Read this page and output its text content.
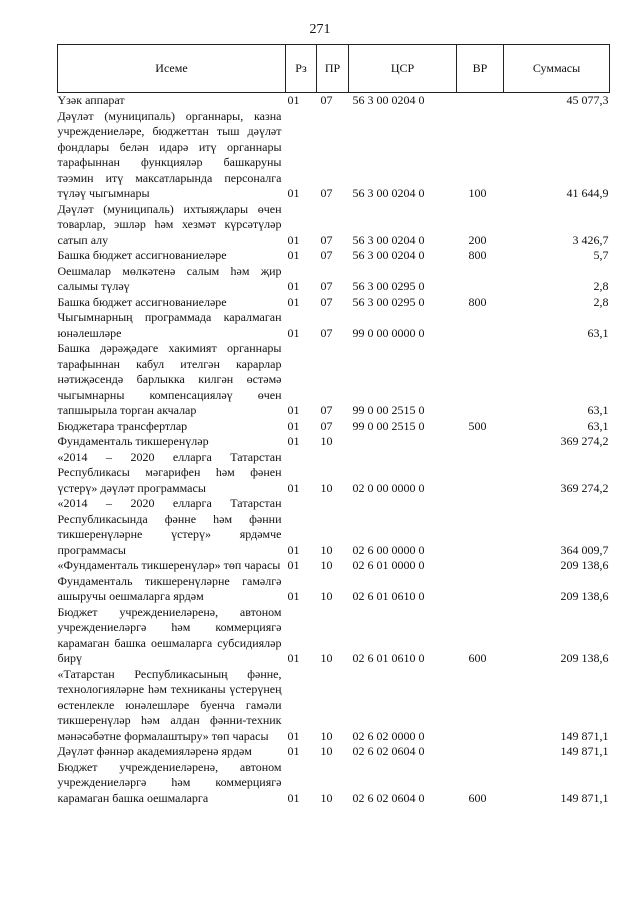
271
Исеме	Рз	ПР	ЦСР	ВР	Суммасы
Үзәк аппарат	01	07	56 3 00 0204 0		45 077,3
Дәүләт (муниципаль) органнары, казна учреждениеләре, бюджеттан тыш дәүләт фондлары белән идарә итү органнары тарафыннан функцияләр башкаруны тәэмин итү максатларында персоналга түләү чыгымнары	01	07	56 3 00 0204 0	100	41 644,9
Дәүләт (муниципаль) ихтыяҗлары өчен товарлар, эшләр һәм хезмәт күрсәтүләр сатып алу	01	07	56 3 00 0204 0	200	3 426,7
Башка бюджет ассигнованиеләре	01	07	56 3 00 0204 0	800	5,7
Оешмалар мөлкәтенә салым һәм җир салымы түләү	01	07	56 3 00 0295 0		2,8
Башка бюджет ассигнованиеләре	01	07	56 3 00 0295 0	800	2,8
Чыгымнарның программада каралмаган юнәлешләре	01	07	99 0 00 0000 0		63,1
Башка дәрәҗәдәге хакимият органнары тарафыннан кабул ителгән карарлар нәтиҗәсендә барлыкка килгән өстәмә чыгымнарны компенсацияләү өчен тапшырыла торган акчалар	01	07	99 0 00 2515 0		63,1
Бюджетара трансфертлар	01	07	99 0 00 2515 0	500	63,1
Фундаменталь тикшеренүләр	01	10			369 274,2
«2014 – 2020 елларга Татарстан Республикасы мәгарифен һәм фәнен үстерү» дәүләт программасы	01	10	02 0 00 0000 0		369 274,2
«2014 – 2020 елларга Татарстан Республикасында фәнне һәм фәнни тикшеренүләрне үстерү» ярдәмче программасы	01	10	02 6 00 0000 0		364 009,7
«Фундаменталь тикшеренүләр» төп чарасы	01	10	02 6 01 0000 0		209 138,6
Фундаменталь тикшеренүләрне гамәлгә ашыручы оешмаларга ярдәм	01	10	02 6 01 0610 0		209 138,6
Бюджет учреждениеләренә, автоном учреждениеләргә һәм коммерциягә карамаган башка оешмаларга субсидияләр бирү	01	10	02 6 01 0610 0	600	209 138,6
«Татарстан Республикасының фәнне, технологияләрне һәм техниканы үстерүнең өстенлекле юнәлешләре буенча гамәли тикшеренүләр һәм алдан фәнни-техник мәнәсәбәтне формалаштыру» төп чарасы	01	10	02 6 02 0000 0		149 871,1
Дәүләт фәннәр академияләренә ярдәм	01	10	02 6 02 0604 0		149 871,1
Бюджет учреждениеләренә, автоном учреждениеләргә һәм коммерциягә карамаган башка оешмаларга	01	10	02 6 02 0604 0	600	149 871,1
